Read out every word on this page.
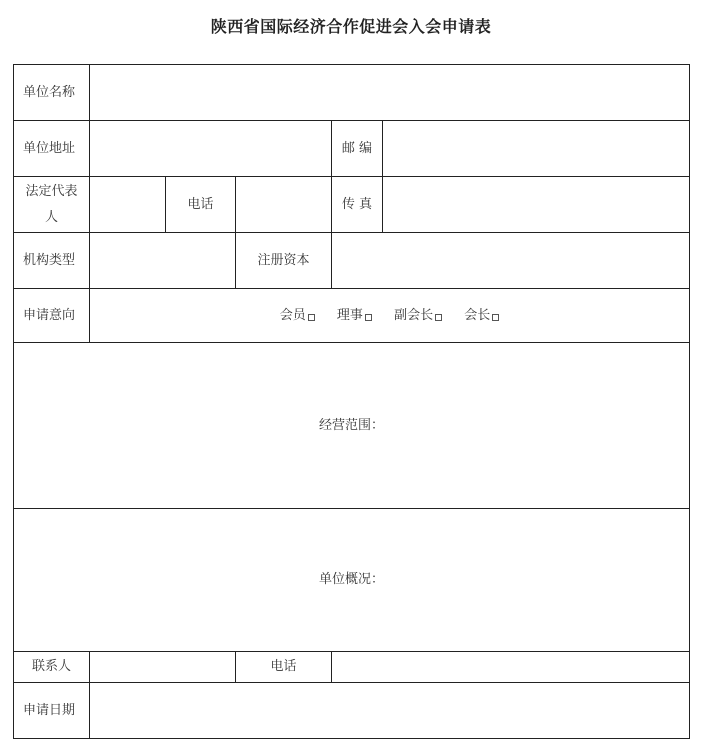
陕西省国际经济合作促进会入会申请表
单位名称					
单位地址				邮 编	
法定代表人		电话		传 真	
机构类型			注册资本		
申请意向	会员 理事 副会长 会长				
经营范围：					
单位概况：					
联系人			电话		
申请日期					
